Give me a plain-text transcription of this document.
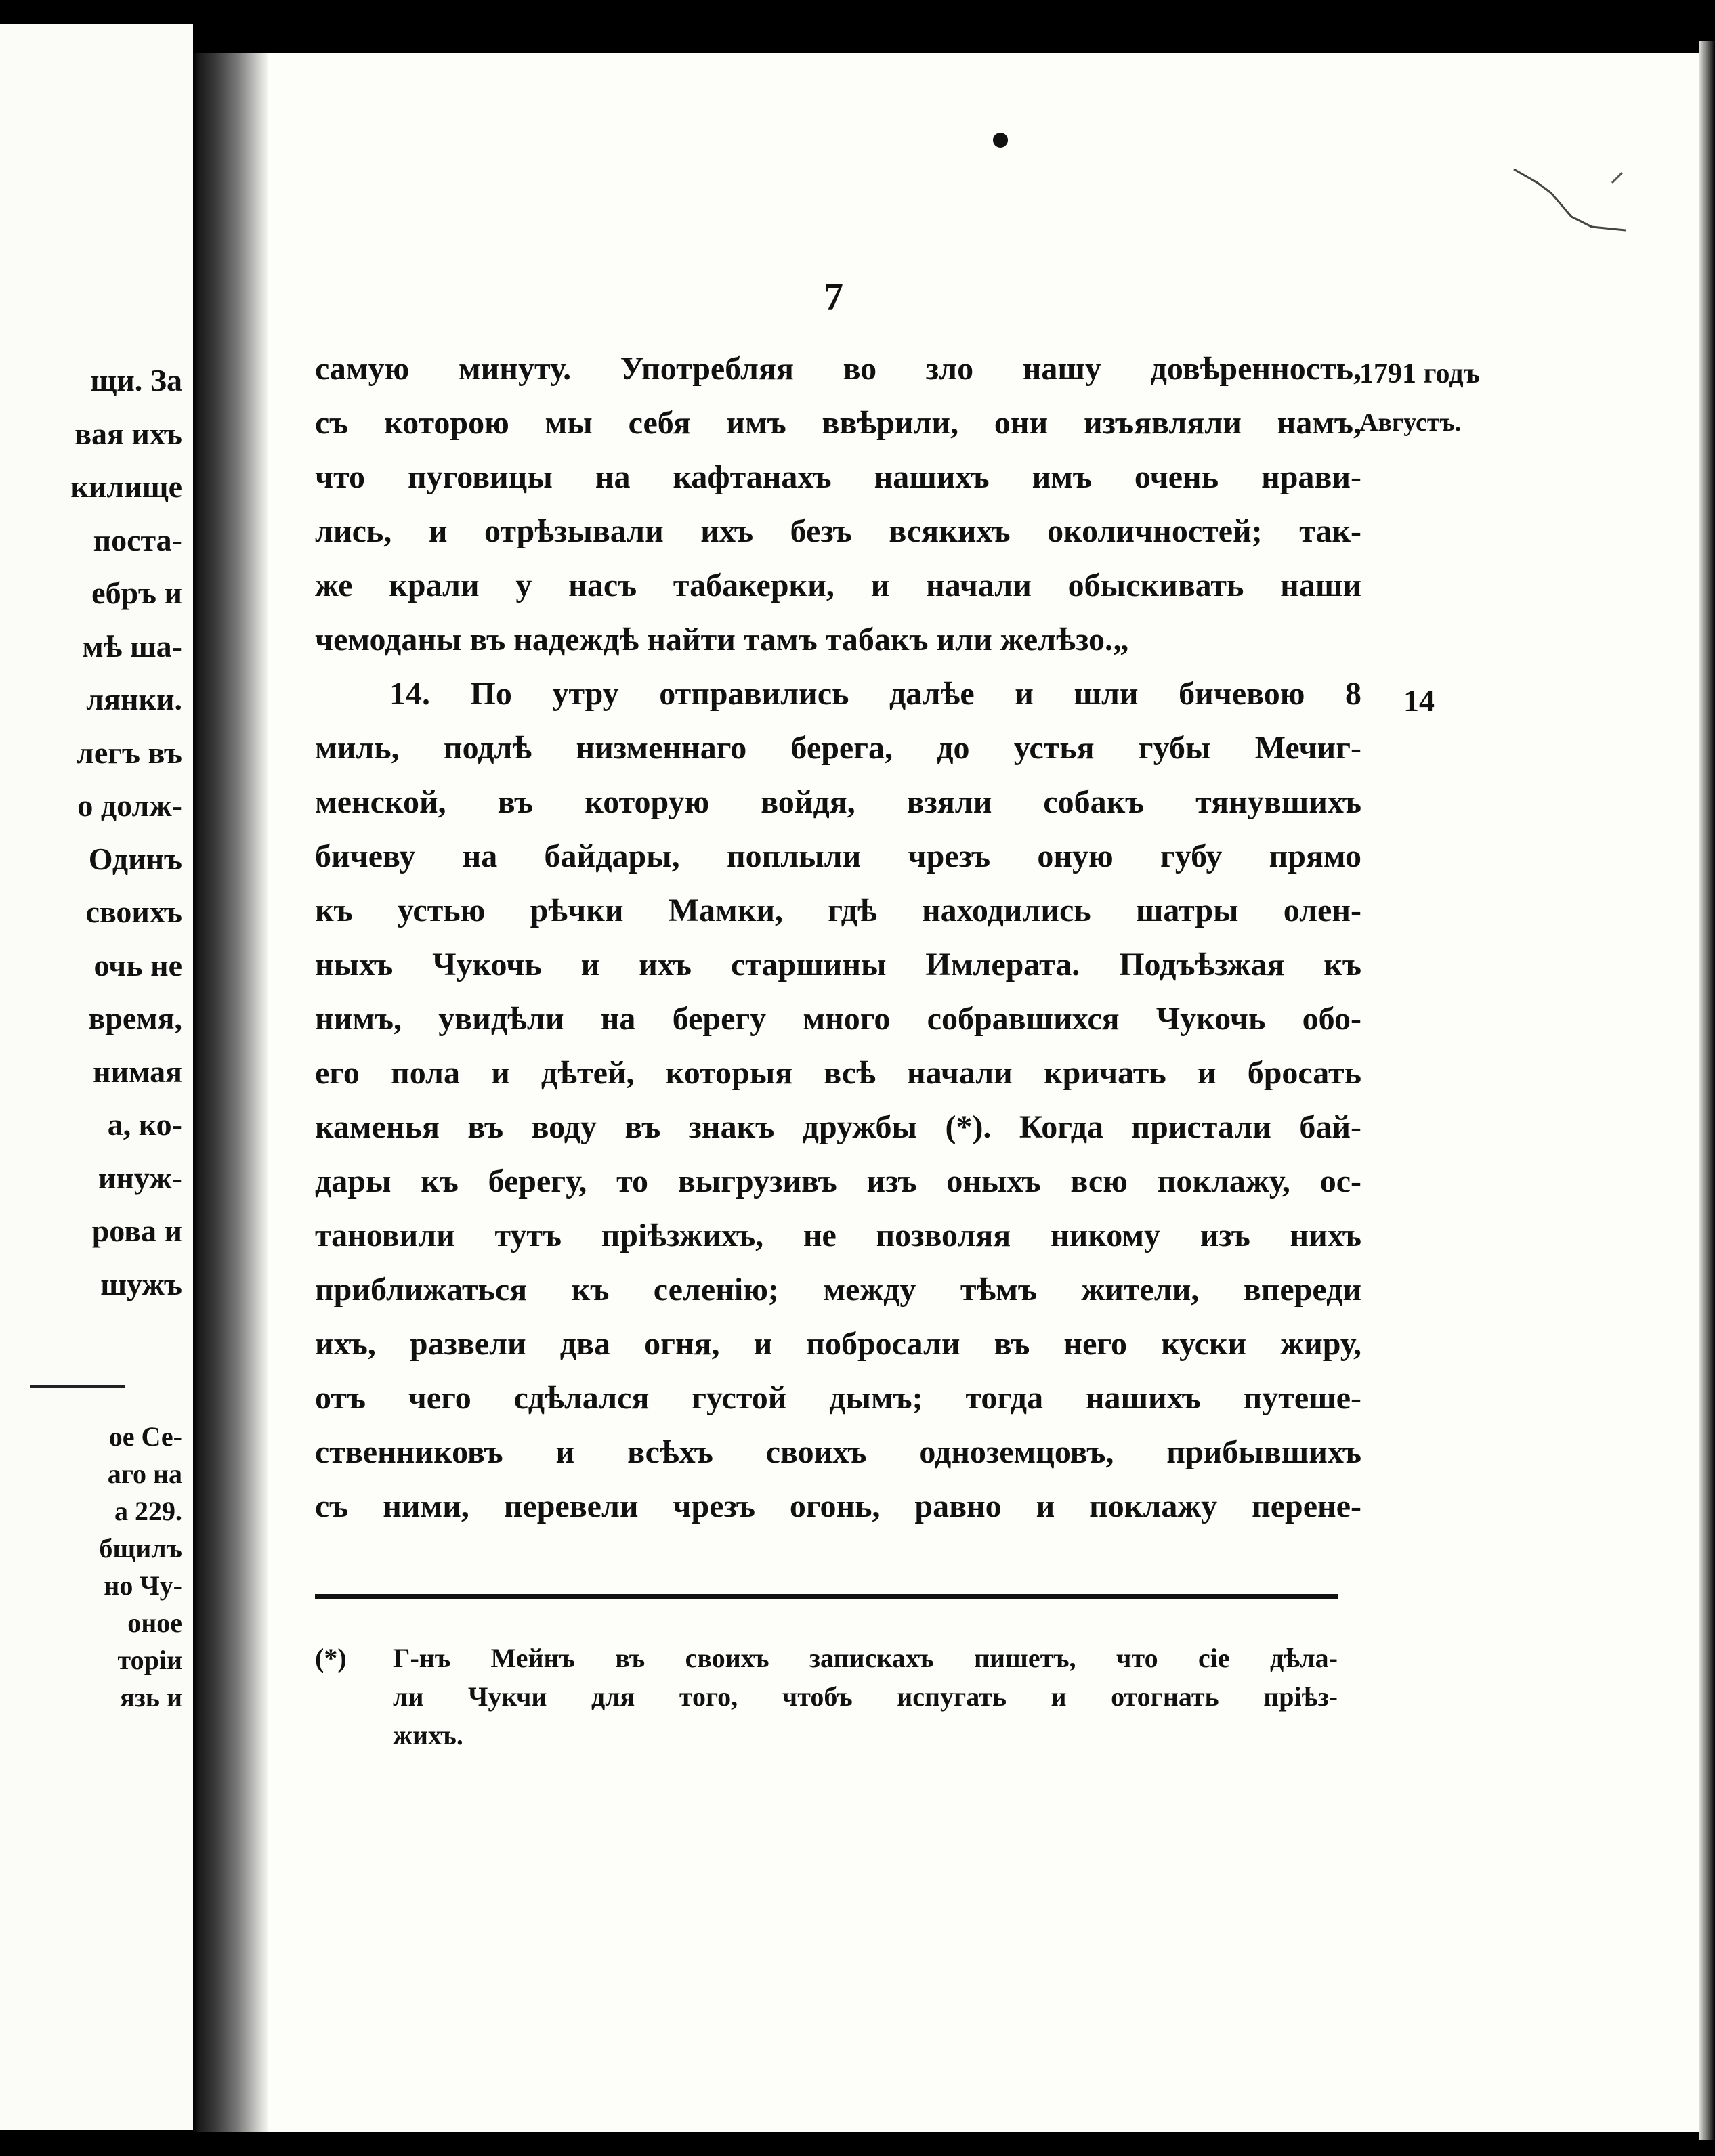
щи. За
вая ихъ
килище
поста-
ебръ и
мѣ ша-
лянки.
легъ въ
о долж-
Одинъ
своихъ
очь не
время,
нимая
а, ко-
инуж-
рова и
шужъ
ое Се-
аго на
а 229.
бщилъ
но Чу-
онoe
торіи
язь и
7
1791 годъ
Августъ.
14
самую минуту. Употребляя во зло нашу довѣренность,
съ которою мы себя имъ ввѣрили, они изъявляли намъ,
что пуговицы на кафтанахъ нашихъ имъ очень нрави-
лись, и отрѣзывали ихъ безъ всякихъ околичностей; так-
же крали у насъ табакерки, и начали обыскивать наши
чемоданы въ надеждѣ найти тамъ табакъ или желѣзо.„
14. По утру отправились далѣе и шли бичевою 8
миль, подлѣ низменнаго берега, до устья губы Мечиг-
менской, въ которую войдя, взяли собакъ тянувшихъ
бичеву на байдары, поплыли чрезъ оную губу прямо
къ устью рѣчки Мамки, гдѣ находились шатры олен-
ныхъ Чукочь и ихъ старшины Имлерата. Подъѣзжая къ
нимъ, увидѣли на берегу много собравшихся Чукочь обо-
его пола и дѣтей, которыя всѣ начали кричать и бросать
каменья въ воду въ знакъ дружбы (*). Когда пристали бай-
дары къ берегу, то выгрузивъ изъ оныхъ всю поклажу, ос-
тановили тутъ пріѣзжихъ, не позволяя никому изъ нихъ
приближаться къ селенію; между тѣмъ жители, впереди
ихъ, развели два огня, и побросали въ него куски жиру,
отъ чего сдѣлался густой дымъ; тогда нашихъ путеше-
ственниковъ и всѣхъ своихъ одноземцовъ, прибывшихъ
съ ними, перевели чрезъ огонь, равно и поклажу перене-
(*)	Г-нъ Мейнъ въ своихъ запискахъ пишетъ, что сіе дѣла-
ли Чукчи для того, чтобъ испугать и отогнать пріѣз-
жихъ.
